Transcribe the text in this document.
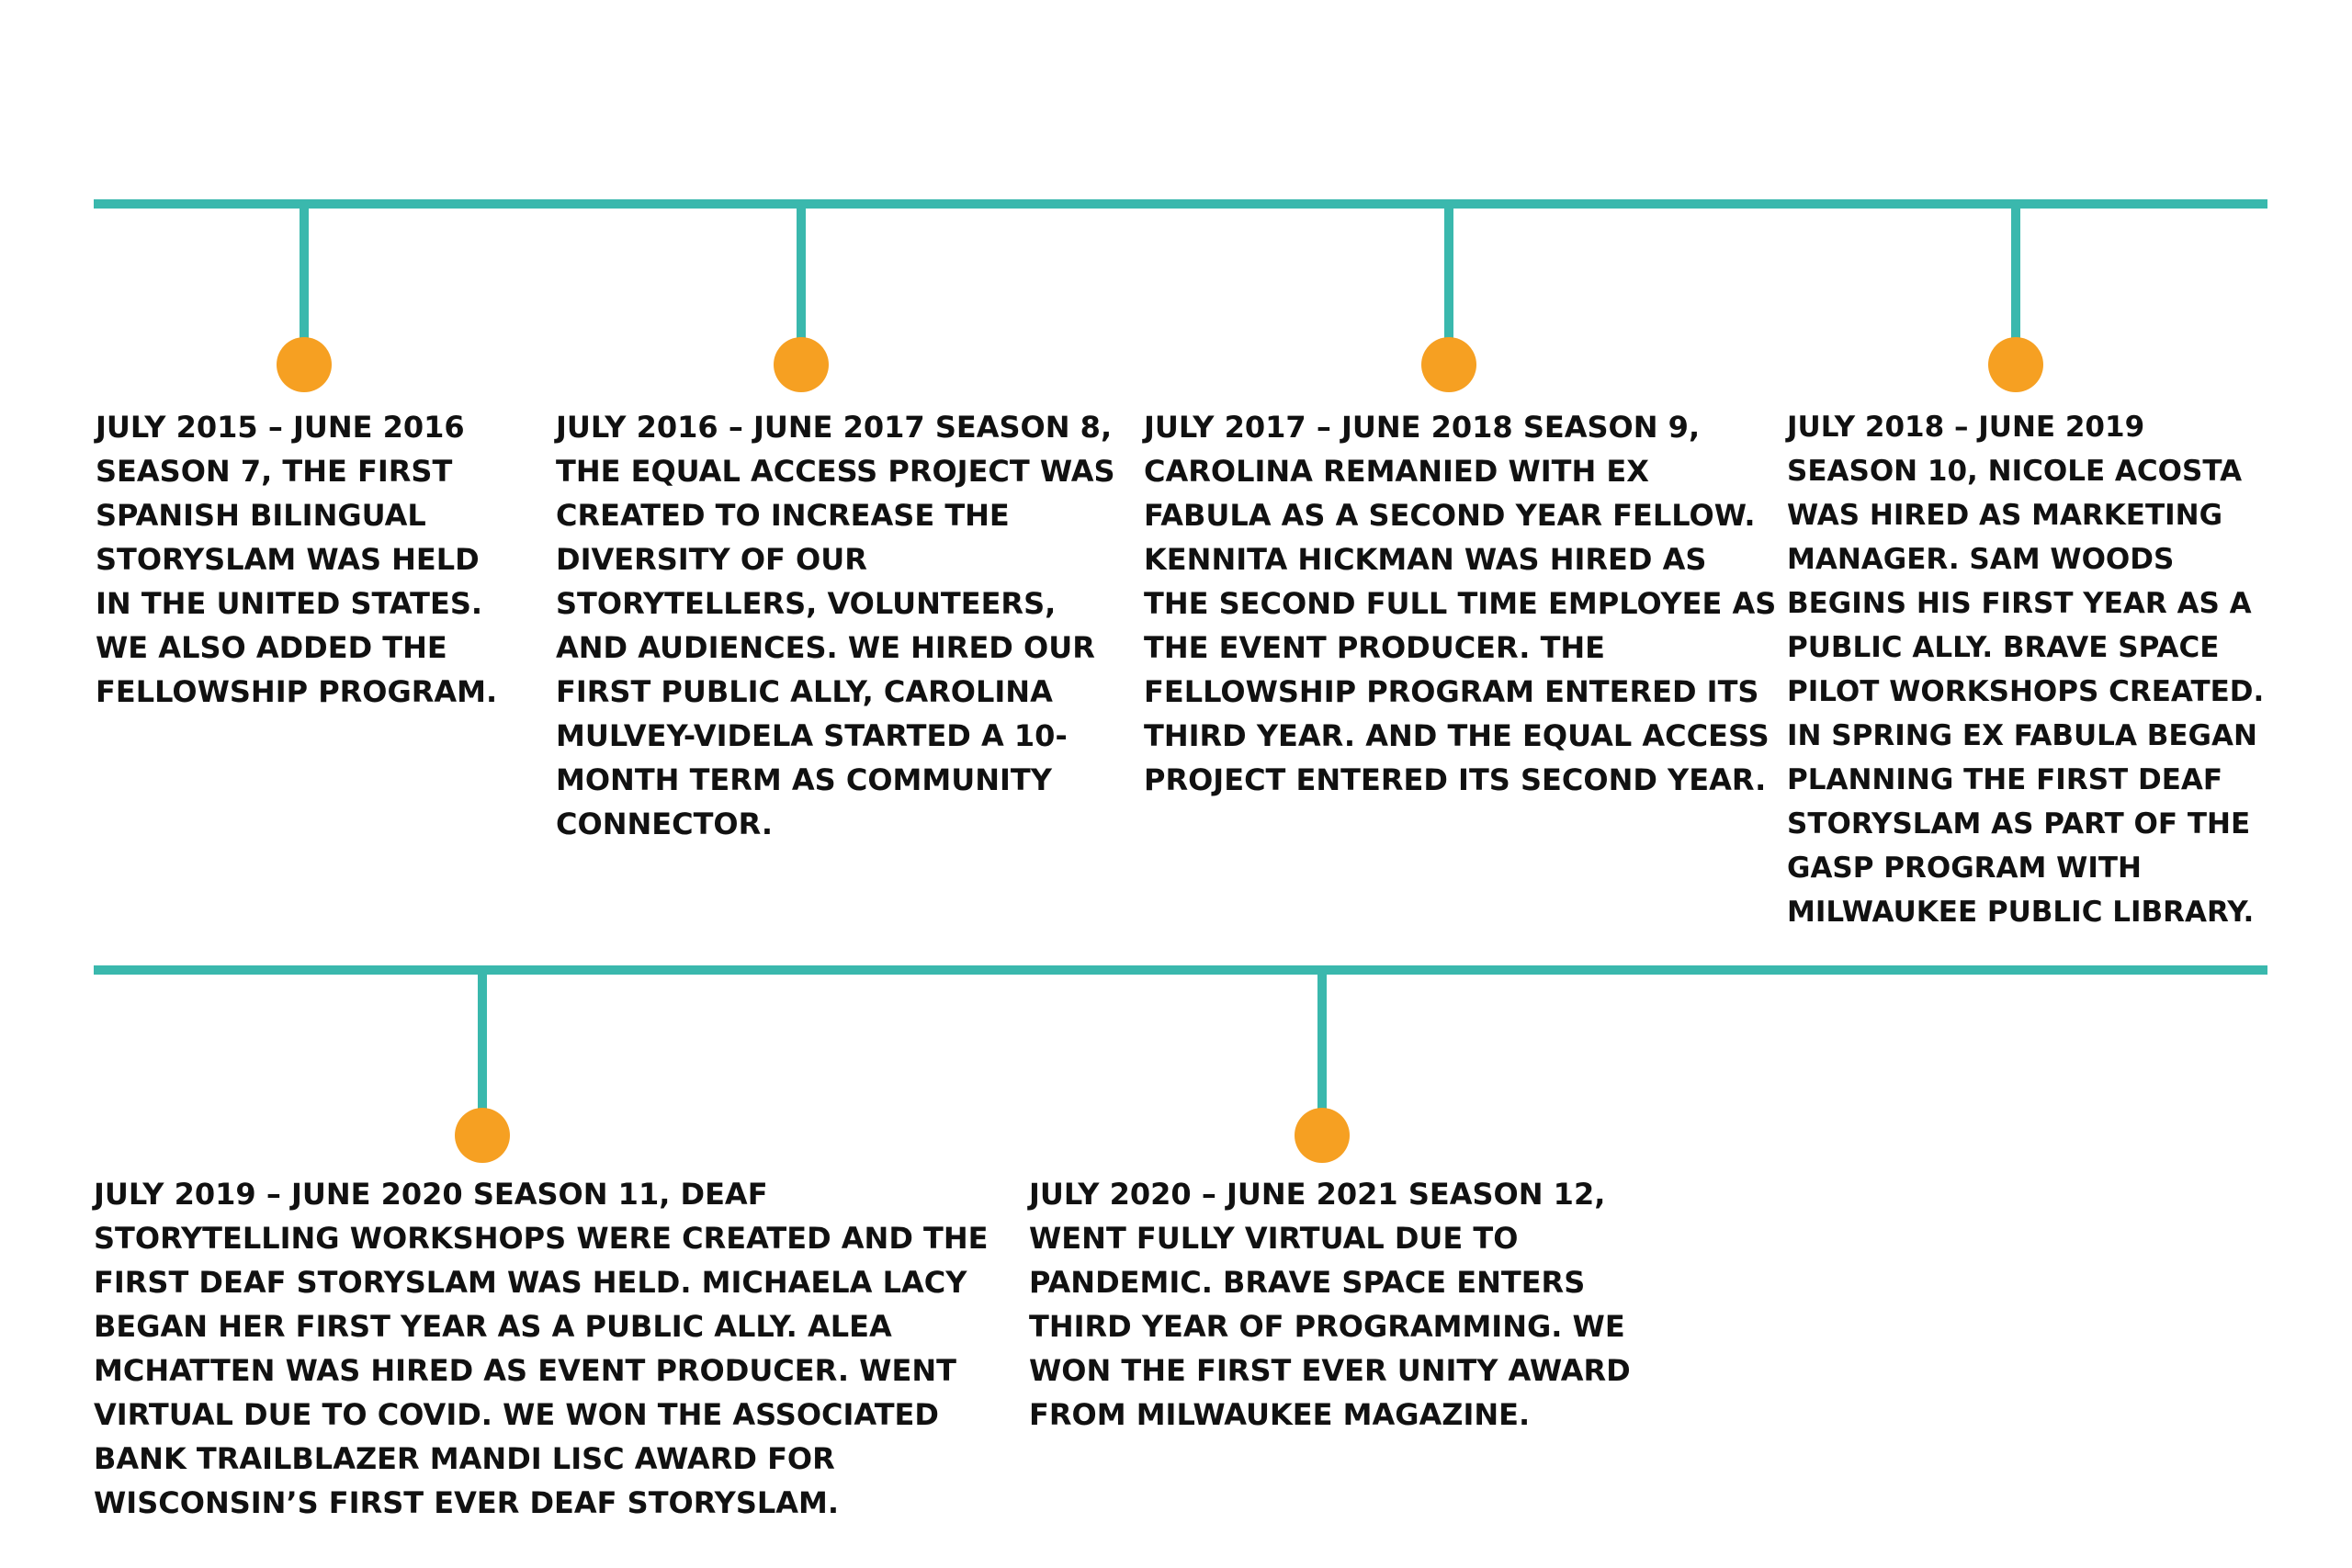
JULY 2015 – JUNE 2016 SEASON 7, THE FIRST SPANISH BILINGUAL STORYSLAM WAS HELD IN THE UNITED STATES. WE ALSO ADDED THE FELLOWSHIP PROGRAM.

JULY 2016 – JUNE 2017 SEASON 8, THE EQUAL ACCESS PROJECT WAS CREATED TO INCREASE THE DIVERSITY OF OUR STORYTELLERS, VOLUNTEERS, AND AUDIENCES. WE HIRED OUR FIRST PUBLIC ALLY, CAROLINA MULVEY-VIDELA STARTED A 10-MONTH TERM AS COMMUNITY CONNECTOR.

JULY 2017 – JUNE 2018 SEASON 9, CAROLINA REMANIED WITH EX FABULA AS A SECOND YEAR FELLOW. KENNITA HICKMAN WAS HIRED AS THE SECOND FULL TIME EMPLOYEE AS THE EVENT PRODUCER. THE FELLOWSHIP PROGRAM ENTERED ITS THIRD YEAR. AND THE EQUAL ACCESS PROJECT ENTERED ITS SECOND YEAR.

JULY 2018 – JUNE 2019 SEASON 10, NICOLE ACOSTA WAS HIRED AS MARKETING MANAGER. SAM WOODS BEGINS HIS FIRST YEAR AS A PUBLIC ALLY. BRAVE SPACE PILOT WORKSHOPS CREATED. IN SPRING EX FABULA BEGAN PLANNING THE FIRST DEAF STORYSLAM AS PART OF THE GASP PROGRAM WITH MILWAUKEE PUBLIC LIBRARY.

JULY 2019 – JUNE 2020 SEASON 11, DEAF STORYTELLING WORKSHOPS WERE CREATED AND THE FIRST DEAF STORYSLAM WAS HELD. MICHAELA LACY BEGAN HER FIRST YEAR AS A PUBLIC ALLY. ALEA MCHATTEN WAS HIRED AS EVENT PRODUCER. WENT VIRTUAL DUE TO COVID. WE WON THE ASSOCIATED BANK TRAILBLAZER MANDI LISC AWARD FOR WISCONSIN’S FIRST EVER DEAF STORYSLAM.

JULY 2020 – JUNE 2021 SEASON 12, WENT FULLY VIRTUAL DUE TO PANDEMIC. BRAVE SPACE ENTERS THIRD YEAR OF PROGRAMMING. WE WON THE FIRST EVER UNITY AWARD FROM MILWAUKEE MAGAZINE.
